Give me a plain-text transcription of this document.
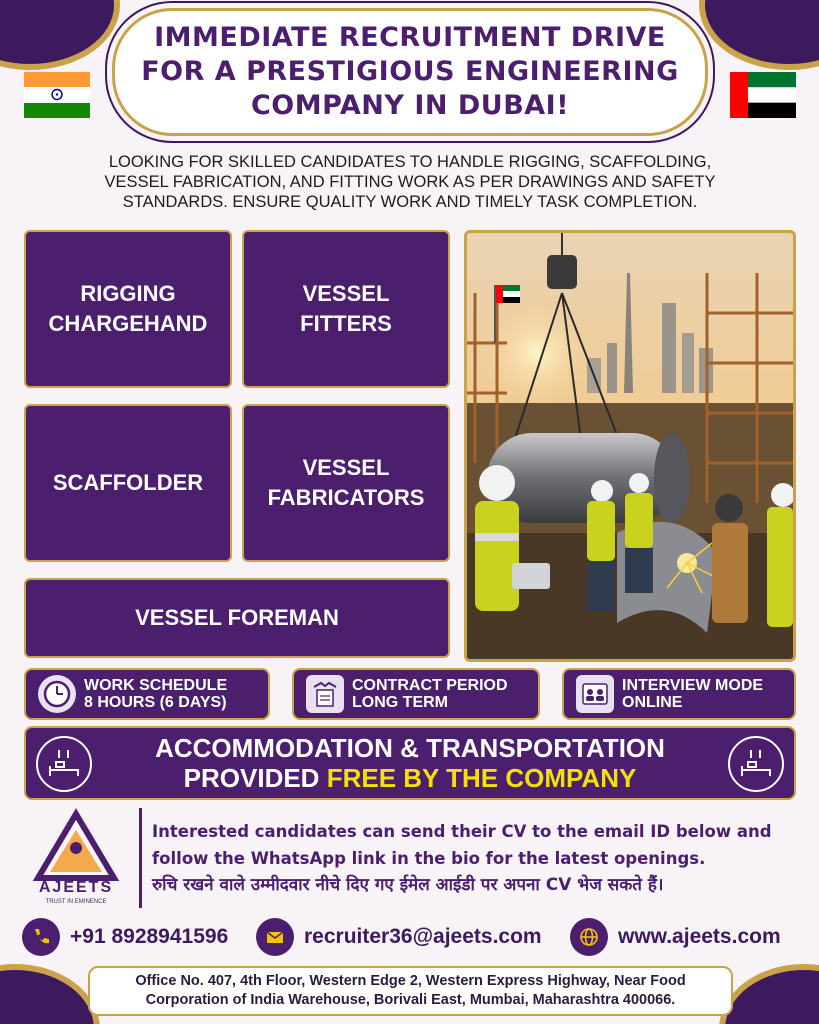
IMMEDIATE RECRUITMENT DRIVE
FOR A PRESTIGIOUS ENGINEERING
COMPANY IN DUBAI!
LOOKING FOR SKILLED CANDIDATES TO HANDLE RIGGING, SCAFFOLDING,
VESSEL FABRICATION, AND FITTING WORK AS PER DRAWINGS AND SAFETY
STANDARDS. ENSURE QUALITY WORK AND TIMELY TASK COMPLETION.
RIGGING
CHARGEHAND
VESSEL
FITTERS
SCAFFOLDER
VESSEL
FABRICATORS
VESSEL FOREMAN
WORK SCHEDULE
8 HOURS (6 DAYS)
CONTRACT PERIOD
LONG TERM
INTERVIEW MODE
ONLINE
ACCOMMODATION & TRANSPORTATION
PROVIDED FREE BY THE COMPANY
AJEETS
TRUST IN EMINENCE
Interested candidates can send their CV to the email ID below and
follow the WhatsApp link in the bio for the latest openings.
रुचि रखने वाले उम्मीदवार नीचे दिए गए ईमेल आईडी पर अपना CV भेज सकते हैं।
+91 8928941596	recruiter36@ajeets.com	www.ajeets.com
Office No. 407, 4th Floor, Western Edge 2, Western Express Highway, Near Food
Corporation of India Warehouse, Borivali East, Mumbai, Maharashtra 400066.
